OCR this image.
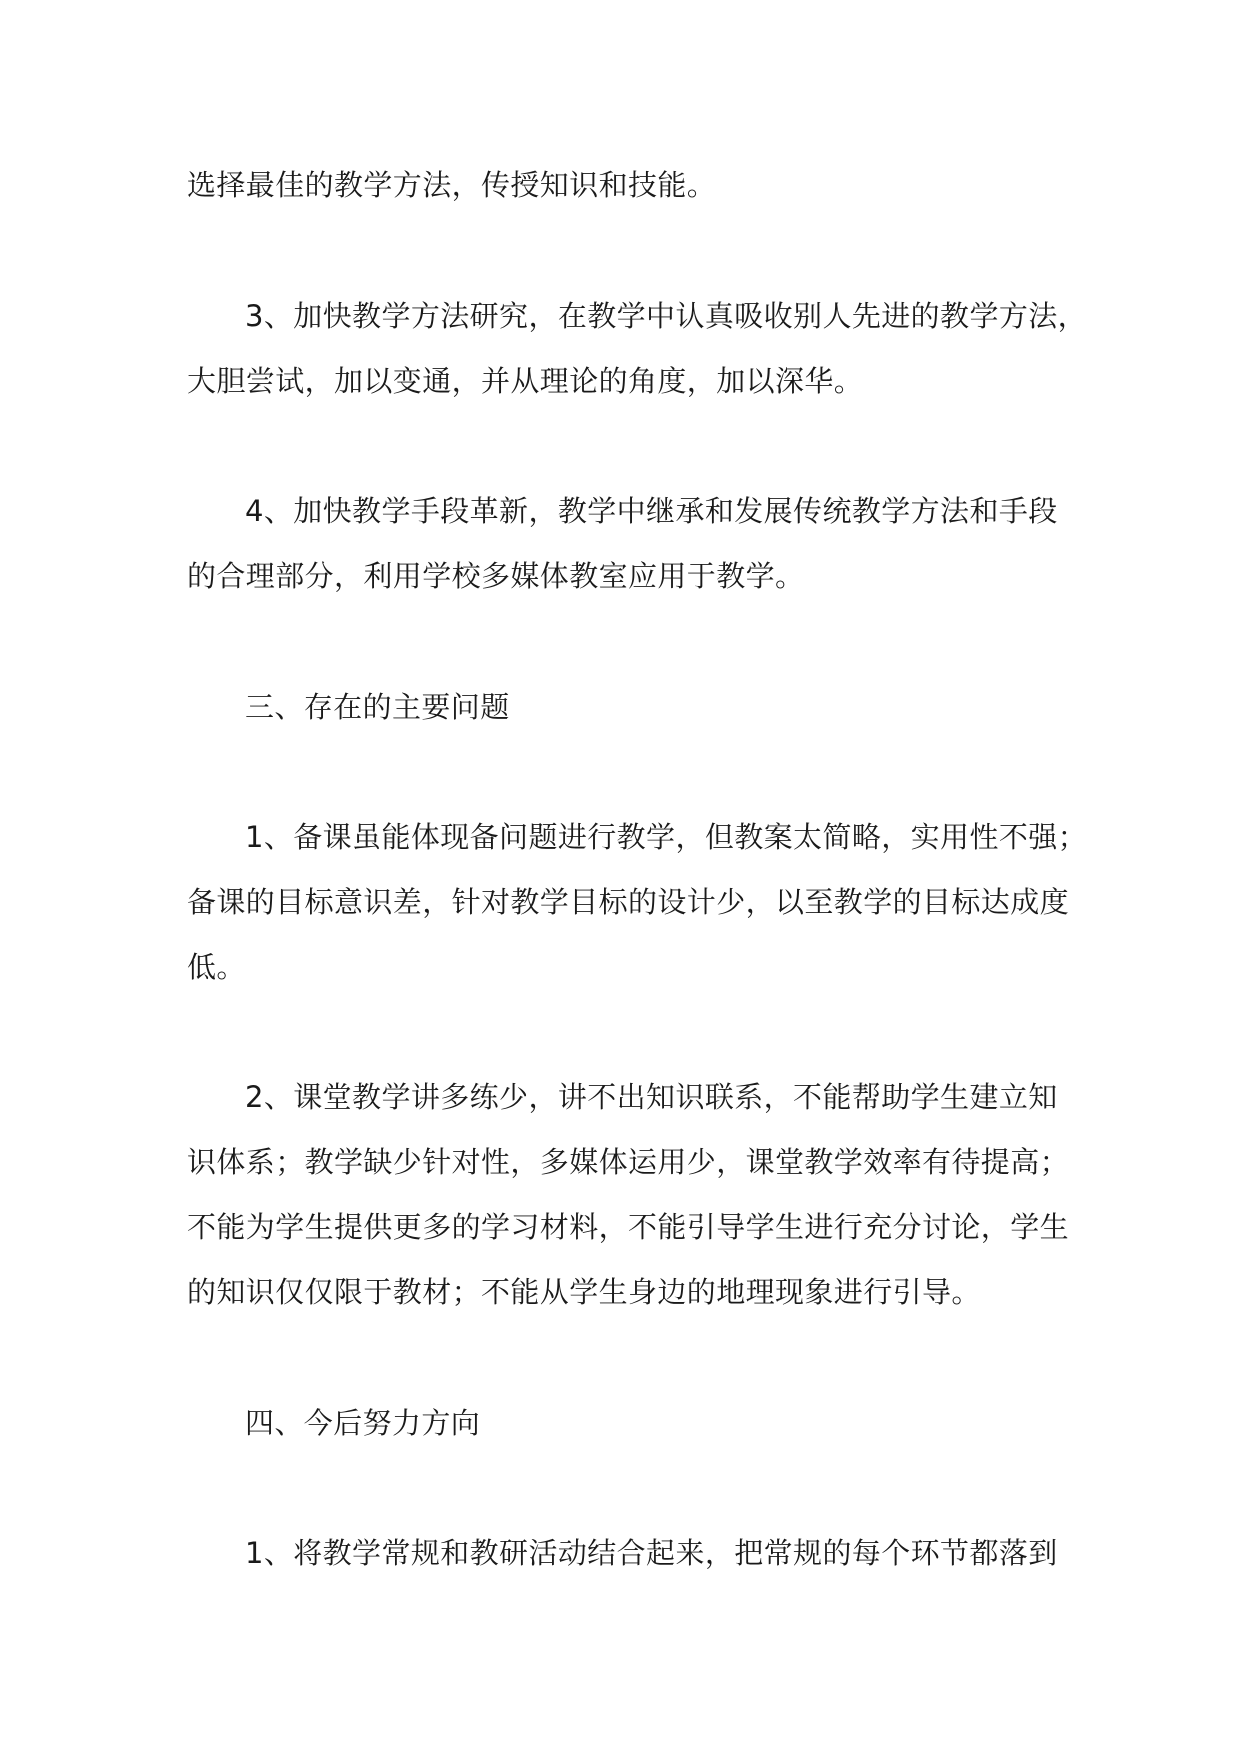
选择最佳的教学方法，传授知识和技能。
3、加快教学方法研究，在教学中认真吸收别人先进的教学方法，
大胆尝试，加以变通，并从理论的角度，加以深华。
4、加快教学手段革新，教学中继承和发展传统教学方法和手段
的合理部分，利用学校多媒体教室应用于教学。
三、存在的主要问题
1、备课虽能体现备问题进行教学，但教案太简略，实用性不强；
备课的目标意识差，针对教学目标的设计少，以至教学的目标达成度
低。
2、课堂教学讲多练少，讲不出知识联系，不能帮助学生建立知
识体系；教学缺少针对性，多媒体运用少，课堂教学效率有待提高；
不能为学生提供更多的学习材料，不能引导学生进行充分讨论，学生
的知识仅仅限于教材；不能从学生身边的地理现象进行引导。
四、今后努力方向
1、将教学常规和教研活动结合起来，把常规的每个环节都落到
